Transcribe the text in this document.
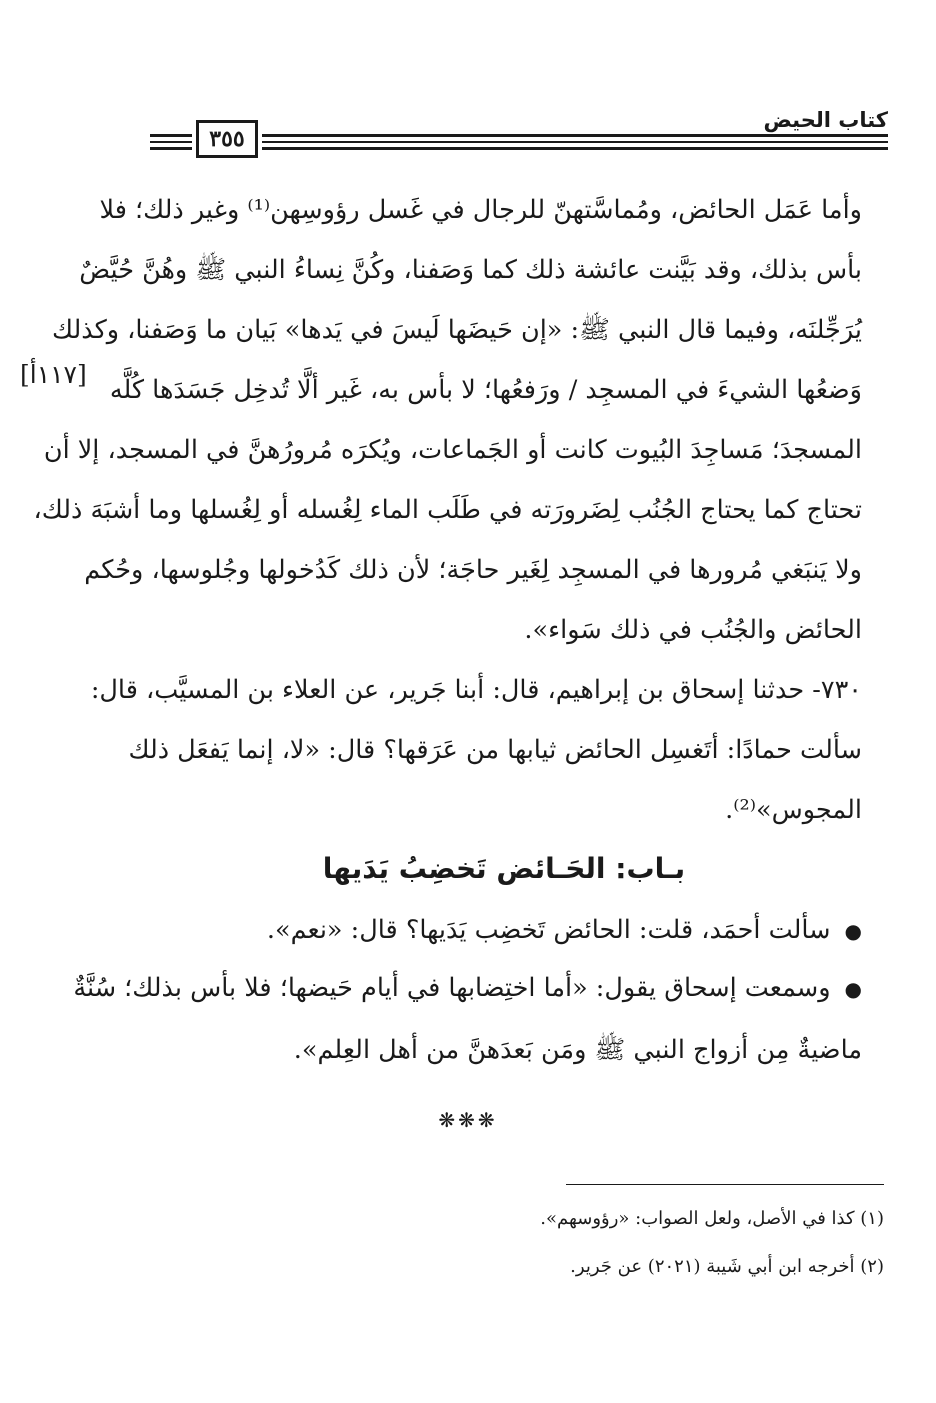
كتاب الحيض
٣٥٥
[١١٧أ]
وأما عَمَل الحائض، ومُماسَّتهنّ للرجال في غَسل رؤوسِهن⁽¹⁾ وغير ذلك؛ فلا
بأس بذلك، وقد بَيَّنت عائشة ذلك كما وَصَفنا، وكُنَّ نِساءُ النبي ﷺ وهُنَّ حُيَّضٌ
يُرَجِّلنَه، وفيما قال النبي ﷺ: «إن حَيضَها لَيسَ في يَدها» بَيان ما وَصَفنا، وكذلك
وَضعُها الشيءَ في المسجِد / ورَفعُها؛ لا بأس به، غَير ألَّا تُدخِل جَسَدَها كُلَّه
المسجدَ؛ مَساجِدَ البُيوت كانت أو الجَماعات، ويُكرَه مُرورُهنَّ في المسجد، إلا أن
تحتاج كما يحتاج الجُنُب لِضَرورَته في طَلَب الماء لِغُسله أو لِغُسلها وما أشبَهَ ذلك،
ولا يَنبَغي مُرورها في المسجِد لِغَير حاجَة؛ لأن ذلك كَدُخولها وجُلوسها، وحُكم
الحائض والجُنُب في ذلك سَواء».
٧٣٠- حدثنا إسحاق بن إبراهيم، قال: أبنا جَرير، عن العلاء بن المسيَّب، قال:
سألت حمادًا: أتَغسِل الحائض ثيابها من عَرَقها؟ قال: «لا، إنما يَفعَل ذلك
المجوس»⁽²⁾.
بـاب: الحَـائض تَخضِبُ يَدَيها
●سألت أحمَد، قلت: الحائض تَخضِب يَدَيها؟ قال: «نعم».
●وسمعت إسحاق يقول: «أما اختِضابها في أيام حَيضها؛ فلا بأس بذلك؛ سُنَّةٌ
ماضيةٌ مِن أزواج النبي ﷺ ومَن بَعدَهنَّ من أهل العِلم».
❋❋❋
(١) كذا في الأصل، ولعل الصواب: «رؤوسهم».
(٢) أخرجه ابن أبي شَيبة (٢٠٢١) عن جَرير.
